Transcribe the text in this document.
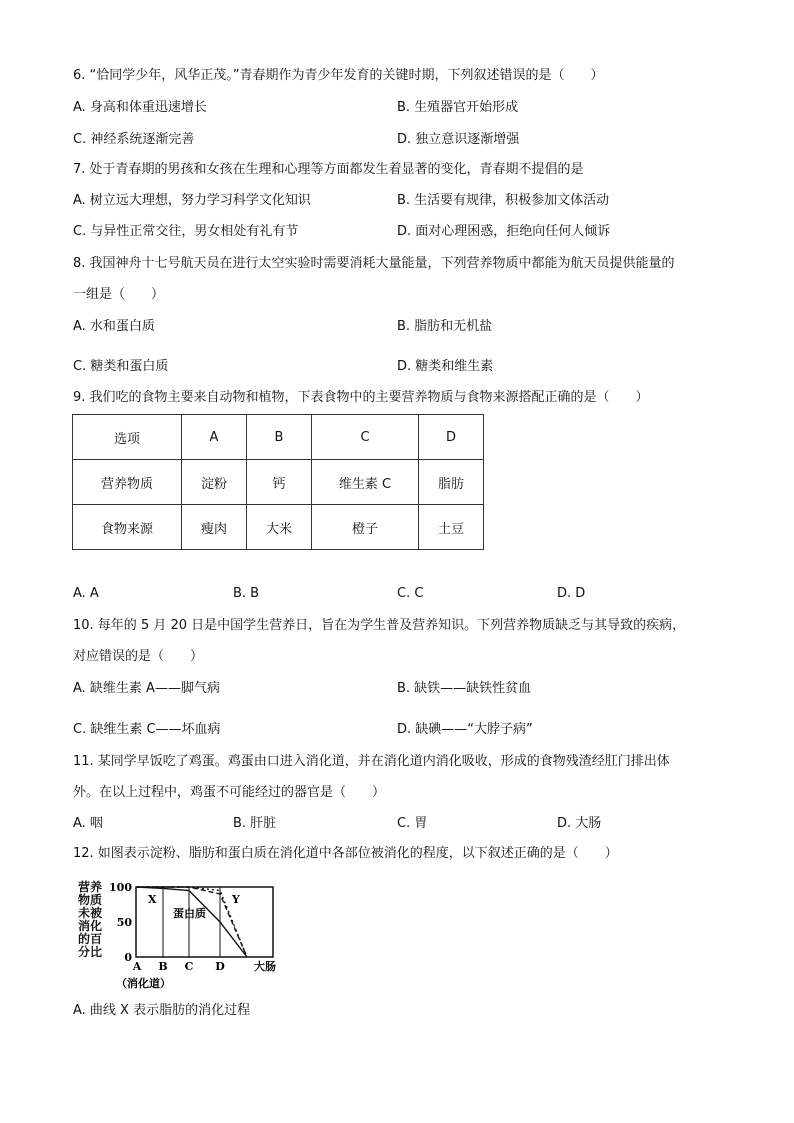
6. “恰同学少年，风华正茂。”青春期作为青少年发育的关键时期，下列叙述错误的是（　　）
A. 身高和体重迅速增长	B. 生殖器官开始形成
C. 神经系统逐渐完善	D. 独立意识逐渐增强
7. 处于青春期的男孩和女孩在生理和心理等方面都发生着显著的变化，青春期不提倡的是
A. 树立远大理想，努力学习科学文化知识	B. 生活要有规律，积极参加文体活动
C. 与异性正常交往，男女相处有礼有节	D. 面对心理困惑，拒绝向任何人倾诉
8. 我国神舟十七号航天员在进行太空实验时需要消耗大量能量，下列营养物质中都能为航天员提供能量的
一组是（　　）
A. 水和蛋白质	B. 脂肪和无机盐
C. 糖类和蛋白质	D. 糖类和维生素
9. 我们吃的食物主要来自动物和植物，下表食物中的主要营养物质与食物来源搭配正确的是（　　）
选项	A	B	C	D
营养物质	淀粉	钙	维生素 C	脂肪
食物来源	瘦肉	大米	橙子	土豆
A. A	B. B	C. C	D. D
10. 每年的 5 月 20 日是中国学生营养日，旨在为学生普及营养知识。下列营养物质缺乏与其导致的疾病，
对应错误的是（　　）
A. 缺维生素 A——脚气病	B. 缺铁——缺铁性贫血
C. 缺维生素 C——坏血病	D. 缺碘——“大脖子病”
11. 某同学早饭吃了鸡蛋。鸡蛋由口进入消化道，并在消化道内消化吸收，形成的食物残渣经肛门排出体
外。在以上过程中，鸡蛋不可能经过的器官是（　　）
A. 咽	B. 肝脏	C. 胃	D. 大肠
12. 如图表示淀粉、脂肪和蛋白质在消化道中各部位被消化的程度，以下叙述正确的是（　　）
营养物质未被消化的百分比
100
50
0
A B C D	大肠
（消化道）
X
蛋白质
Y
A. 曲线 X 表示脂肪的消化过程
